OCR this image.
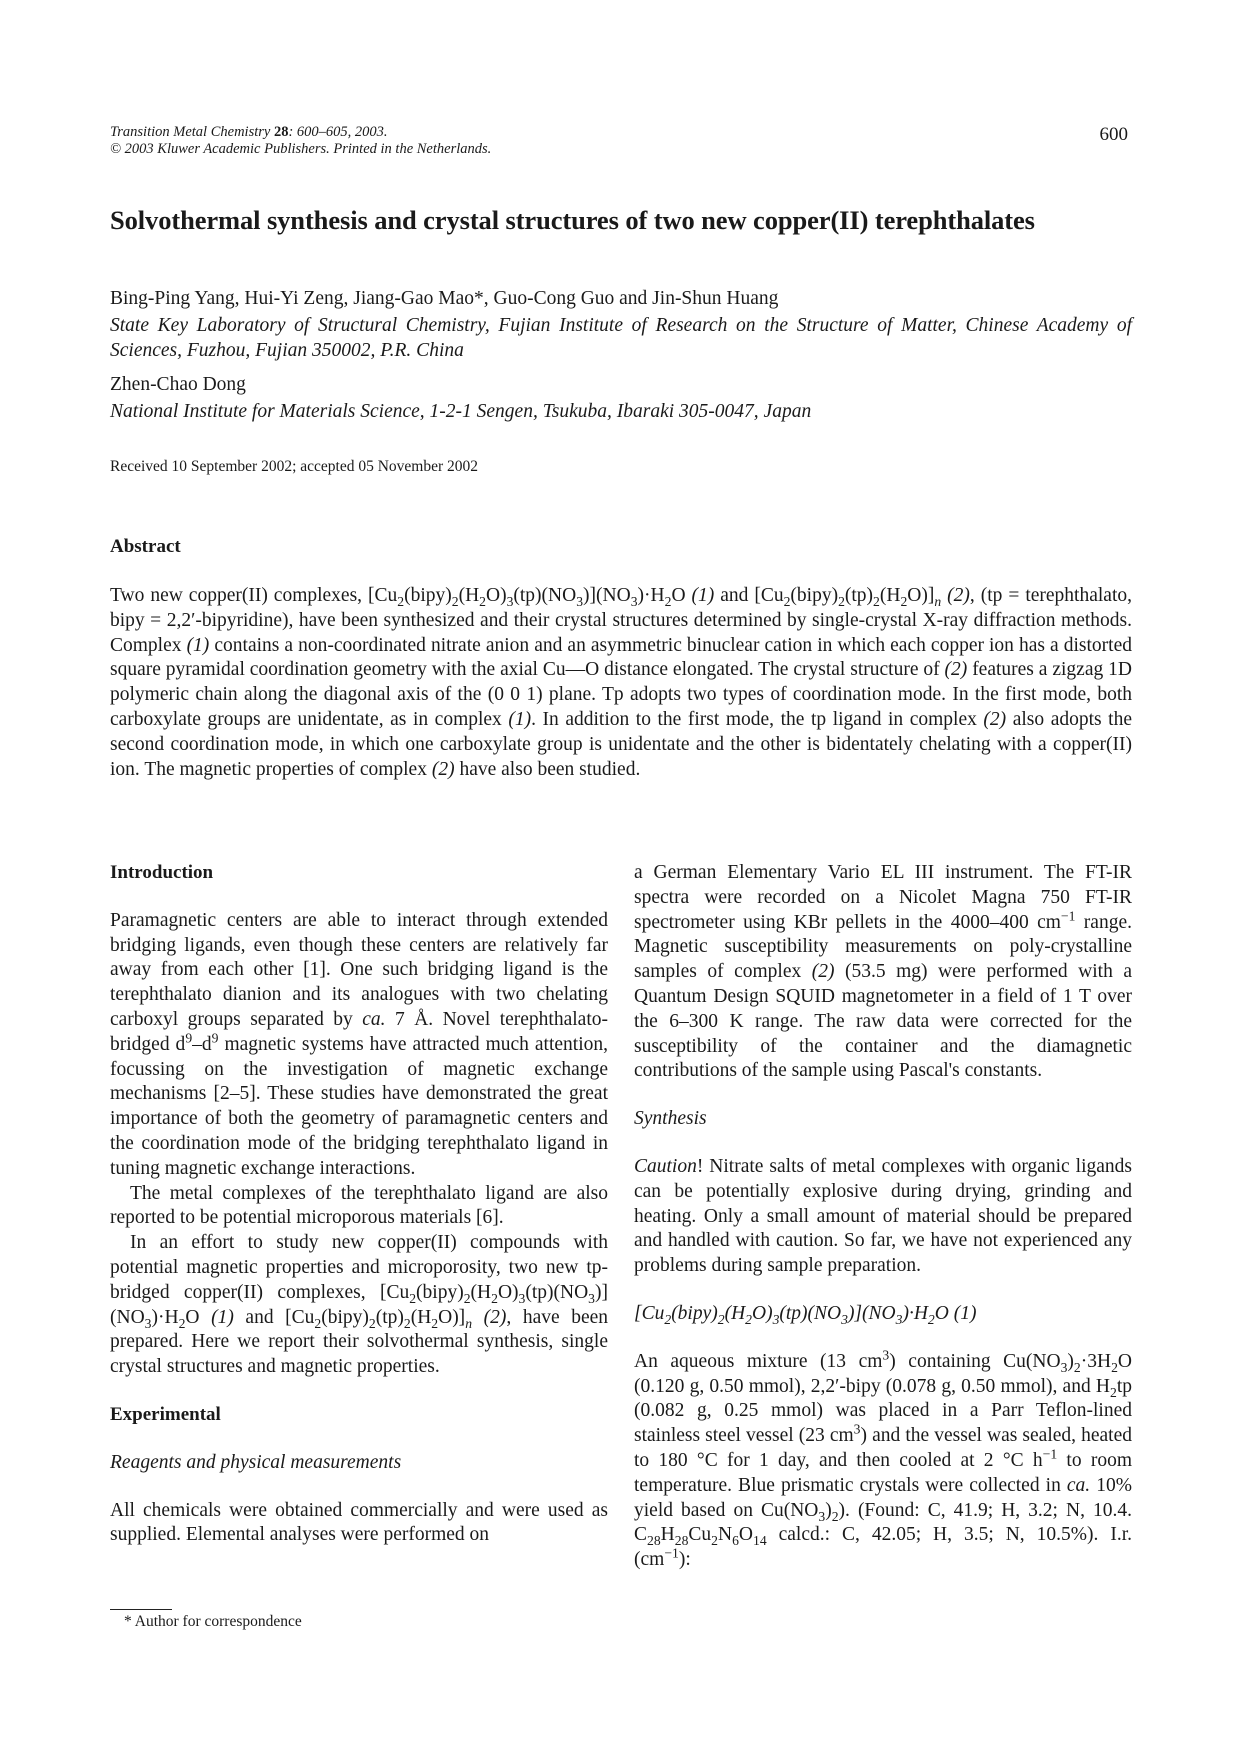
Transition Metal Chemistry 28: 600–605, 2003.
© 2003 Kluwer Academic Publishers. Printed in the Netherlands.
600
Solvothermal synthesis and crystal structures of two new copper(II) terephthalates
Bing-Ping Yang, Hui-Yi Zeng, Jiang-Gao Mao*, Guo-Cong Guo and Jin-Shun Huang
State Key Laboratory of Structural Chemistry, Fujian Institute of Research on the Structure of Matter, Chinese Academy of Sciences, Fuzhou, Fujian 350002, P.R. China
Zhen-Chao Dong
National Institute for Materials Science, 1-2-1 Sengen, Tsukuba, Ibaraki 305-0047, Japan
Received 10 September 2002; accepted 05 November 2002
Abstract
Two new copper(II) complexes, $[Cu_2(bipy)_2(H_2O)_3(tp)(NO_3)](NO_3)\cdot H_2O$ (1) and $[Cu_2(bipy)_2(tp)_2(H_2O)]_n$ (2), (tp = terephthalato, bipy = 2,2′-bipyridine), have been synthesized and their crystal structures determined by single-crystal X-ray diffraction methods. Complex (1) contains a non-coordinated nitrate anion and an asymmetric binuclear cation in which each copper ion has a distorted square pyramidal coordination geometry with the axial Cu—O distance elongated. The crystal structure of (2) features a zigzag 1D polymeric chain along the diagonal axis of the (0 0 1) plane. Tp adopts two types of coordination mode. In the first mode, both carboxylate groups are unidentate, as in complex (1). In addition to the first mode, the tp ligand in complex (2) also adopts the second coordination mode, in which one carboxylate group is unidentate and the other is bidentately chelating with a copper(II) ion. The magnetic properties of complex (2) have also been studied.

Introduction

Paramagnetic centers are able to interact through extended bridging ligands, even though these centers are relatively far away from each other [1]. One such bridging ligand is the terephthalato dianion and its analogues with two chelating carboxyl groups separated by ca. 7 Å. Novel terephthalato-bridged $d^9-d^9$ magnetic systems have attracted much attention, focussing on the investigation of magnetic exchange mechanisms [2–5]. These studies have demonstrated the great importance of both the geometry of paramagnetic centers and the coordination mode of the bridging terephthalato ligand in tuning magnetic exchange interactions.

The metal complexes of the terephthalato ligand are also reported to be potential microporous materials [6].

In an effort to study new copper(II) compounds with potential magnetic properties and microporosity, two new tp-bridged copper(II) complexes, $[Cu_2(bipy)_2(H_2O)_3(tp)(NO_3)](NO_3)\cdot H_2O$ (1) and $[Cu_2(bipy)_2(tp)_2(H_2O)]_n$ (2), have been prepared. Here we report their solvothermal synthesis, single crystal structures and magnetic properties.

Experimental

Reagents and physical measurements

All chemicals were obtained commercially and were used as supplied. Elemental analyses were performed on

a German Elementary Vario EL III instrument. The FT-IR spectra were recorded on a Nicolet Magna 750 FT-IR spectrometer using KBr pellets in the 4000–400 $cm^{-1}$ range. Magnetic susceptibility measurements on poly-crystalline samples of complex (2) (53.5 mg) were performed with a Quantum Design SQUID magnetometer in a field of 1 T over the 6–300 K range. The raw data were corrected for the susceptibility of the container and the diamagnetic contributions of the sample using Pascal's constants.

Synthesis

Caution! Nitrate salts of metal complexes with organic ligands can be potentially explosive during drying, grinding and heating. Only a small amount of material should be prepared and handled with caution. So far, we have not experienced any problems during sample preparation.

$[Cu_2(bipy)_2(H_2O)_3(tp)(NO_3)](NO_3)\cdot H_2O$ (1)

An aqueous mixture (13 $cm^3$) containing $Cu(NO_3)_2\cdot 3H_2O$ (0.120 g, 0.50 mmol), 2,2′-bipy (0.078 g, 0.50 mmol), and $H_2tp$ (0.082 g, 0.25 mmol) was placed in a Parr Teflon-lined stainless steel vessel (23 $cm^3$) and the vessel was sealed, heated to 180 °C for 1 day, and then cooled at 2 °C $h^{-1}$ to room temperature. Blue prismatic crystals were collected in ca. 10% yield based on $Cu(NO_3)_2$). (Found: C, 41.9; H, 3.2; N, 10.4. $C_{28}H_{28}Cu_2N_6O_{14}$ calcd.: C, 42.05; H, 3.5; N, 10.5%). I.r. $(cm^{-1})$:

* Author for correspondence
